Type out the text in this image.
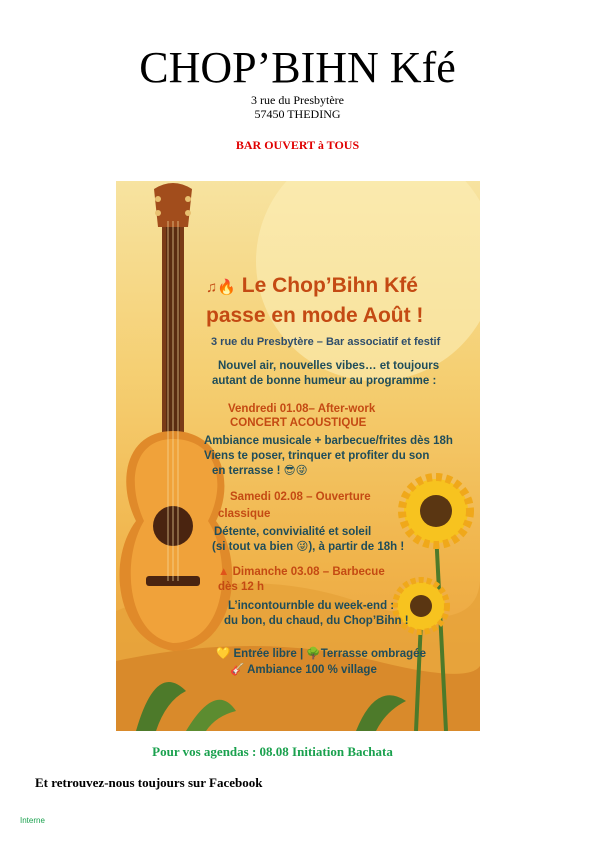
CHOP’BIHN Kfé
3 rue du Presbytère
57450 THEDING
BAR OUVERT à TOUS
♫🔥 Le Chop’Bihn Kfé
passe en mode Août !
3 rue du Presbytère – Bar associatif et festif
Nouvel air, nouvelles vibes… et toujours
autant de bonne humeur au programme :
Vendredi 01.08– After-work
CONCERT ACOUSTIQUE
Ambiance musicale + barbecue/frites dès 18h
Viens te poser, trinquer et profiter du son
en terrasse ! 😎😜
Samedi 02.08 – Ouverture
classique
Détente, convivialité et soleil
(si tout va bien 😜), à partir de 18h !
▲ Dimanche 03.08 – Barbecue
dès 12 h
L’incontournble du week-end :
du bon, du chaud, du Chop’Bihn !
💛 Entrée libre | 🌳Terrasse ombragée
🎸 Ambiance 100 % village
Pour vos agendas : 08.08 Initiation Bachata
Et retrouvez-nous toujours sur Facebook
Interne
